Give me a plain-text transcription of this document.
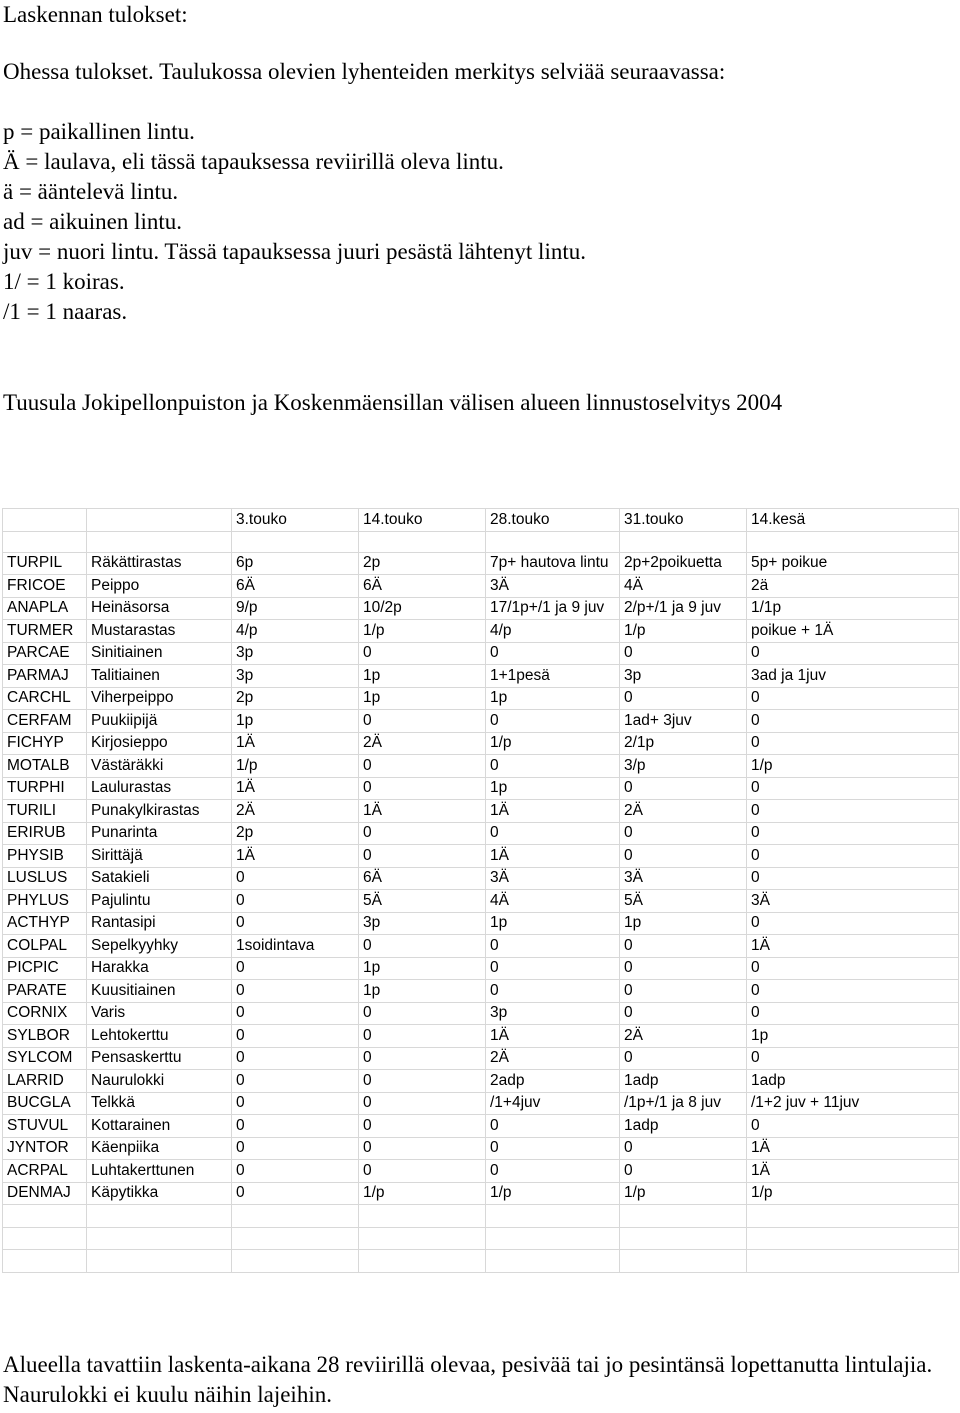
Laskennan tulokset:
Ohessa tulokset. Taulukossa olevien lyhenteiden merkitys selviää seuraavassa:
p = paikallinen lintu.
Ä = laulava, eli tässä tapauksessa reviirillä oleva lintu.
ä = ääntelevä lintu.
ad = aikuinen lintu.
juv = nuori lintu. Tässä tapauksessa juuri pesästä lähtenyt lintu.
1/ = 1 koiras.
/1 = 1 naaras.
Tuusula Jokipellonpuiston ja Koskenmäensillan välisen alueen linnustoselvitys 2004
		3.touko	14.touko	28.touko	31.touko	14.kesä

TURPIL	Räkättirastas	6p	2p	7p+ hautova lintu	2p+2poikuetta	5p+ poikue
FRICOE	Peippo	6Ä	6Ä	3Ä	4Ä	2ä
ANAPLA	Heinäsorsa	9/p	10/2p	17/1p+/1 ja 9 juv	2/p+/1 ja 9 juv	1/1p
TURMER	Mustarastas	4/p	1/p	4/p	1/p	poikue + 1Ä
PARCAE	Sinitiainen	3p	0	0	0	0
PARMAJ	Talitiainen	3p	1p	1+1pesä	3p	3ad ja 1juv
CARCHL	Viherpeippo	2p	1p	1p	0	0
CERFAM	Puukiipijä	1p	0	0	1ad+ 3juv	0
FICHYP	Kirjosieppo	1Ä	2Ä	1/p	2/1p	0
MOTALB	Västäräkki	1/p	0	0	3/p	1/p
TURPHI	Laulurastas	1Ä	0	1p	0	0
TURILI	Punakylkirastas	2Ä	1Ä	1Ä	2Ä	0
ERIRUB	Punarinta	2p	0	0	0	0
PHYSIB	Sirittäjä	1Ä	0	1Ä	0	0
LUSLUS	Satakieli	0	6Ä	3Ä	3Ä	0
PHYLUS	Pajulintu	0	5Ä	4Ä	5Ä	3Ä
ACTHYP	Rantasipi	0	3p	1p	1p	0
COLPAL	Sepelkyyhky	1soidintava	0	0	0	1Ä
PICPIC	Harakka	0	1p	0	0	0
PARATE	Kuusitiainen	0	1p	0	0	0
CORNIX	Varis	0	0	3p	0	0
SYLBOR	Lehtokerttu	0	0	1Ä	2Ä	1p
SYLCOM	Pensaskerttu	0	0	2Ä	0	0
LARRID	Naurulokki	0	0	2adp	1adp	1adp
BUCGLA	Telkkä	0	0	/1+4juv	/1p+/1 ja 8 juv	/1+2 juv + 11juv
STUVUL	Kottarainen	0	0	0	1adp	0
JYNTOR	Käenpiika	0	0	0	0	1Ä
ACRPAL	Luhtakerttunen	0	0	0	0	1Ä
DENMAJ	Käpytikka	0	1/p	1/p	1/p	1/p

Alueella tavattiin laskenta-aikana 28 reviirillä olevaa, pesivää tai jo pesintänsä lopettanutta lintulajia. Naurulokki ei kuulu näihin lajeihin.
